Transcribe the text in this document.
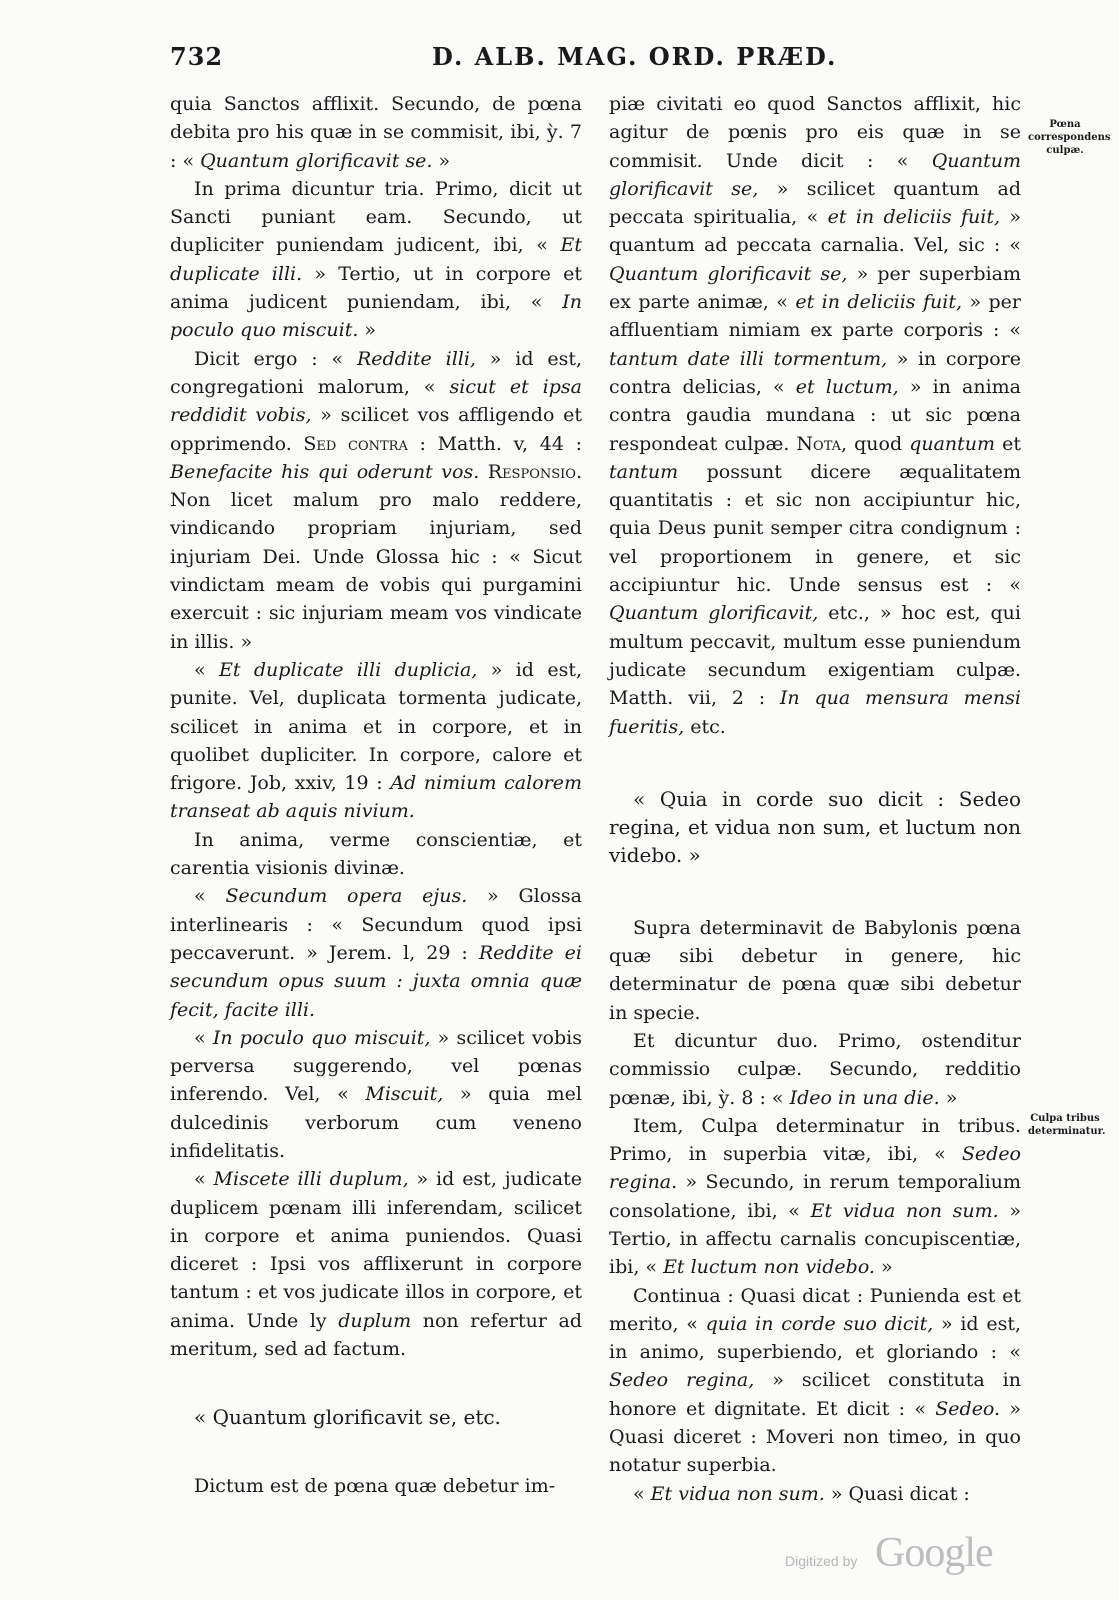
732	D. ALB. MAG. ORD. PRÆD.

quia Sanctos afflixit. Secundo, de pœna debita pro his quæ in se commisit, ibi, ỳ. 7 : « Quantum glorificavit se. »

In prima dicuntur tria. Primo, dicit ut Sancti puniant eam. Secundo, ut dupliciter puniendam judicent, ibi, « Et duplicate illi. » Tertio, ut in corpore et anima judicent puniendam, ibi, « In poculo quo miscuit. »

Dicit ergo : « Reddite illi, » id est, congregationi malorum, « sicut et ipsa reddidit vobis, » scilicet vos affligendo et opprimendo. Sed contra : Matth. v, 44 : Benefacite his qui oderunt vos. Responsio. Non licet malum pro malo reddere, vindicando propriam injuriam, sed injuriam Dei. Unde Glossa hic : « Sicut vindictam meam de vobis qui purgamini exercuit : sic injuriam meam vos vindicate in illis. »

« Et duplicate illi duplicia, » id est, punite. Vel, duplicata tormenta judicate, scilicet in anima et in corpore, et in quolibet dupliciter. In corpore, calore et frigore. Job, xxiv, 19 : Ad nimium calorem transeat ab aquis nivium.

In anima, verme conscientiæ, et carentia visionis divinæ.

« Secundum opera ejus. » Glossa interlinearis : « Secundum quod ipsi peccaverunt. » Jerem. l, 29 : Reddite ei secundum opus suum : juxta omnia quæ fecit, facite illi.

« In poculo quo miscuit, » scilicet vobis perversa suggerendo, vel pœnas inferendo. Vel, « Miscuit, » quia mel dulcedinis verborum cum veneno infidelitatis.

« Miscete illi duplum, » id est, judicate duplicem pœnam illi inferendam, scilicet in corpore et anima puniendos. Quasi diceret : Ipsi vos afflixerunt in corpore tantum : et vos judicate illos in corpore, et anima. Unde ly duplum non refertur ad meritum, sed ad factum.

« Quantum glorificavit se, etc.

Dictum est de pœna quæ debetur im-

piæ civitati eo quod Sanctos afflixit, hic agitur de pœnis pro eis quæ in se commisit. Unde dicit : « Quantum glorificavit se, » scilicet quantum ad peccata spiritualia, « et in deliciis fuit, » quantum ad peccata carnalia. Vel, sic : « Quantum glorificavit se, » per superbiam ex parte animæ, « et in deliciis fuit, » per affluentiam nimiam ex parte corporis : « tantum date illi tormentum, » in corpore contra delicias, « et luctum, » in anima contra gaudia mundana : ut sic pœna respondeat culpæ. Nota, quod quantum et tantum possunt dicere æqualitatem quantitatis : et sic non accipiuntur hic, quia Deus punit semper citra condignum : vel proportionem in genere, et sic accipiuntur hic. Unde sensus est : « Quantum glorificavit, etc., » hoc est, qui multum peccavit, multum esse puniendum judicate secundum exigentiam culpæ. Matth. vii, 2 : In qua mensura mensi fueritis, etc.

« Quia in corde suo dicit : Sedeo regina, et vidua non sum, et luctum non videbo. »

Supra determinavit de Babylonis pœna quæ sibi debetur in genere, hic determinatur de pœna quæ sibi debetur in specie.

Et dicuntur duo. Primo, ostenditur commissio culpæ. Secundo, redditio pœnæ, ibi, ỳ. 8 : « Ideo in una die. »

Item, Culpa determinatur in tribus. Primo, in superbia vitæ, ibi, « Sedeo regina. » Secundo, in rerum temporalium consolatione, ibi, « Et vidua non sum. » Tertio, in affectu carnalis concupiscentiæ, ibi, « Et luctum non videbo. »

Continua : Quasi dicat : Punienda est et merito, « quia in corde suo dicit, » id est, in animo, superbiendo, et gloriando : « Sedeo regina, » scilicet constituta in honore et dignitate. Et dicit : « Sedeo. » Quasi diceret : Moveri non timeo, in quo notatur superbia.

« Et vidua non sum. » Quasi dicat :

Pœna correspondens culpæ.
Culpa tribus determinatur.
Digitized by Google
